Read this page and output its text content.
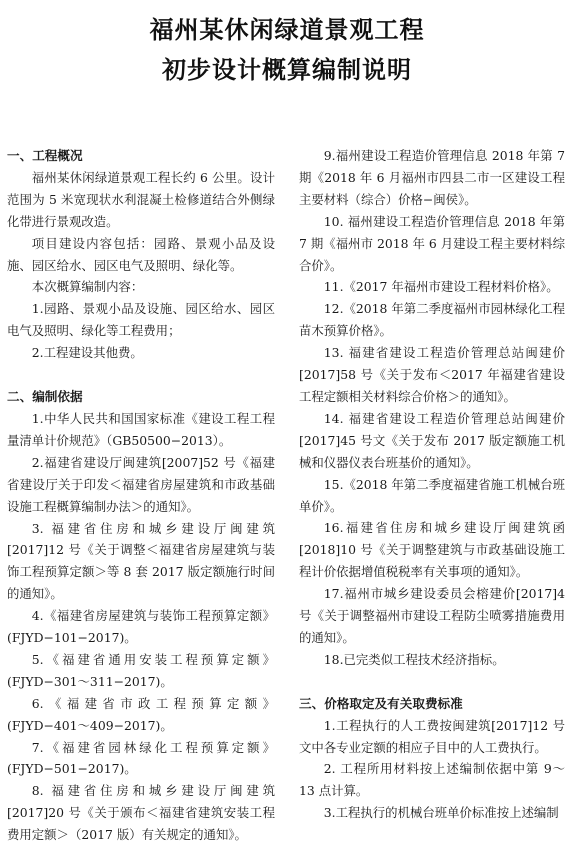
福州某休闲绿道景观工程
初步设计概算编制说明
一、工程概况
福州某休闲绿道景观工程长约 6 公里。设计范围为 5 米宽现状水利混凝土检修道结合外侧绿化带进行景观改造。
项目建设内容包括：园路、景观小品及设施、园区给水、园区电气及照明、绿化等。
本次概算编制内容：
1.园路、景观小品及设施、园区给水、园区电气及照明、绿化等工程费用；
2.工程建设其他费。
二、编制依据
1.中华人民共和国国家标准《建设工程工程量清单计价规范》（GB50500−2013）。
2.福建省建设厅闽建筑[2007]52 号《福建省建设厅关于印发＜福建省房屋建筑和市政基础设施工程概算编制办法＞的通知》。
3. 福建省住房和城乡建设厅闽建筑[2017]12 号《关于调整＜福建省房屋建筑与装饰工程预算定额＞等 8 套 2017 版定额施行时间的通知》。
4.《福建省房屋建筑与装饰工程预算定额》(FJYD−101−2017)。
5.《福建省通用安装工程预算定额》(FJYD−301～311−2017)。
6.《福建省市政工程预算定额》(FJYD−401～409−2017)。
7.《福建省园林绿化工程预算定额》(FJYD−501−2017)。
8. 福建省住房和城乡建设厅闽建筑[2017]20 号《关于颁布＜福建省建筑安装工程费用定额＞（2017 版）有关规定的通知》。
9.福州建设工程造价管理信息 2018 年第 7 期《2018 年 6 月福州市四县二市一区建设工程主要材料（综合）价格−闽侯》。
10. 福州建设工程造价管理信息 2018 年第 7 期《福州市 2018 年 6 月建设工程主要材料综合价》。
11.《2017 年福州市建设工程材料价格》。
12.《2018 年第二季度福州市园林绿化工程苗木预算价格》。
13. 福建省建设工程造价管理总站闽建价[2017]58 号《关于发布＜2017 年福建省建设工程定额相关材料综合价格＞的通知》。
14. 福建省建设工程造价管理总站闽建价[2017]45 号文《关于发布 2017 版定额施工机械和仪器仪表台班基价的通知》。
15.《2018 年第二季度福建省施工机械台班单价》。
16.福建省住房和城乡建设厅闽建筑函[2018]10 号《关于调整建筑与市政基础设施工程计价依据增值税税率有关事项的通知》。
17.福州市城乡建设委员会榕建价[2017]4 号《关于调整福州市建设工程防尘喷雾措施费用的通知》。
18.已完类似工程技术经济指标。
三、价格取定及有关取费标准
1.工程执行的人工费按闽建筑[2017]12 号文中各专业定额的相应子目中的人工费执行。
2. 工程所用材料按上述编制依据中第 9～13 点计算。
3.工程执行的机械台班单价标准按上述编制
